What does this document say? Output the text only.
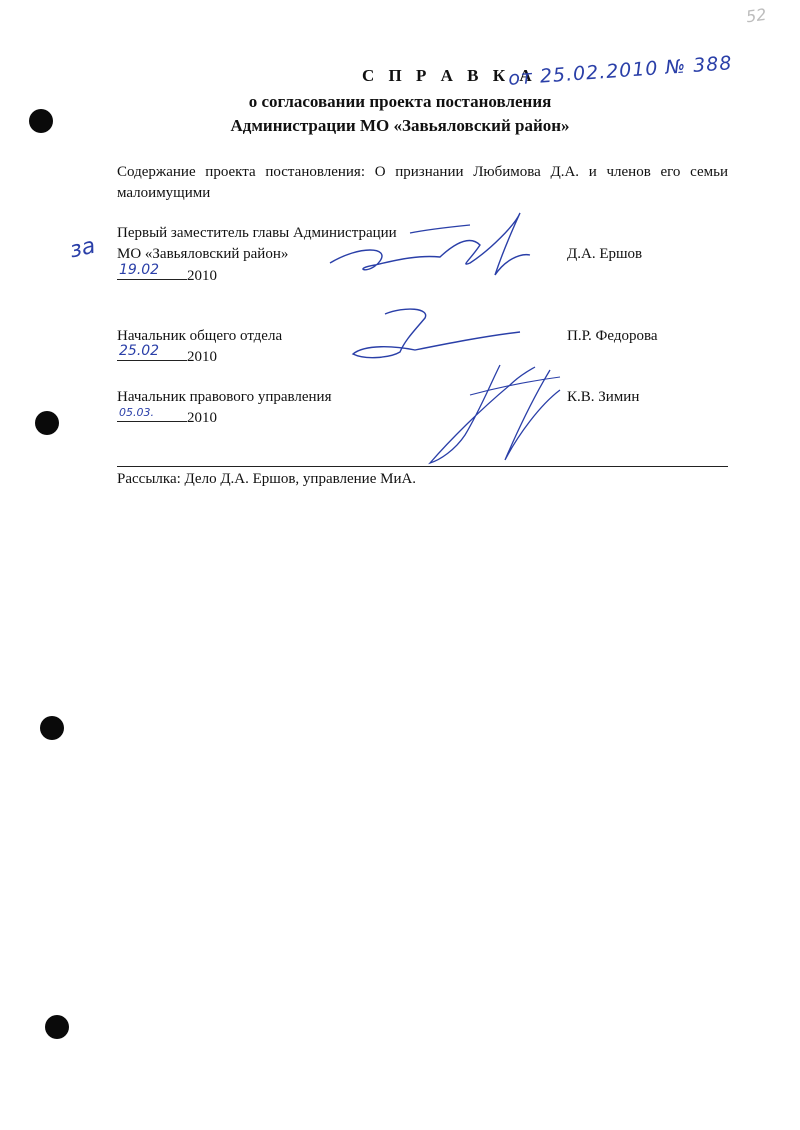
52
С П Р А В К А
от 25.02.2010 № 388
о согласовании проекта постановления
Администрации МО «Завьяловский район»
Содержание проекта постановления: О признании Любимова Д.А. и членов его семьи малоимущими
за
Первый заместитель главы Администрации
МО «Завьяловский район»
19.02 2010
Д.А. Ершов
Начальник общего отдела
25.02 2010
П.Р. Федорова
Начальник правового управления
05.03. 2010
К.В. Зимин
Рассылка: Дело Д.А. Ершов, управление МиА.
